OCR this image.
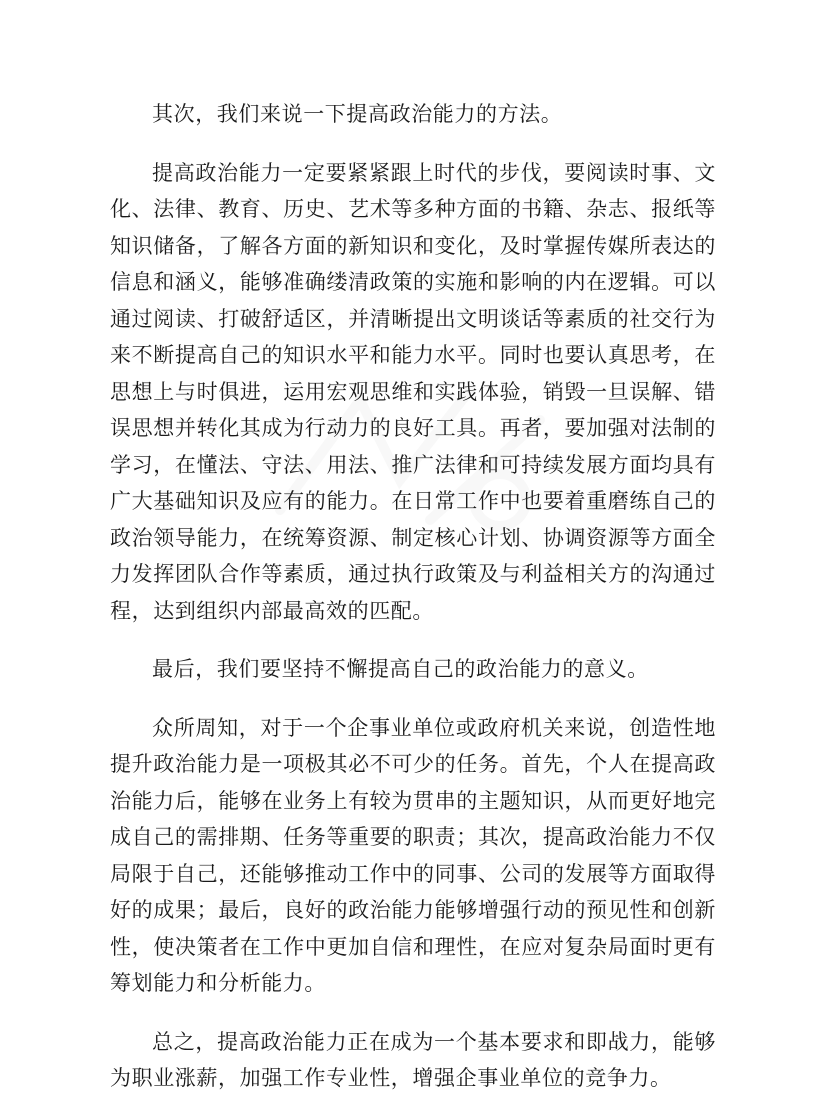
其次，我们来说一下提高政治能力的方法。

提高政治能力一定要紧紧跟上时代的步伐，要阅读时事、文化、法律、教育、历史、艺术等多种方面的书籍、杂志、报纸等知识储备，了解各方面的新知识和变化，及时掌握传媒所表达的信息和涵义，能够准确缕清政策的实施和影响的内在逻辑。可以通过阅读、打破舒适区，并清晰提出文明谈话等素质的社交行为来不断提高自己的知识水平和能力水平。同时也要认真思考，在思想上与时俱进，运用宏观思维和实践体验，销毁一旦误解、错误思想并转化其成为行动力的良好工具。再者，要加强对法制的学习，在懂法、守法、用法、推广法律和可持续发展方面均具有广大基础知识及应有的能力。在日常工作中也要着重磨练自己的政治领导能力，在统筹资源、制定核心计划、协调资源等方面全力发挥团队合作等素质，通过执行政策及与利益相关方的沟通过程，达到组织内部最高效的匹配。

最后，我们要坚持不懈提高自己的政治能力的意义。

众所周知，对于一个企事业单位或政府机关来说，创造性地提升政治能力是一项极其必不可少的任务。首先，个人在提高政治能力后，能够在业务上有较为贯串的主题知识，从而更好地完成自己的需排期、任务等重要的职责；其次，提高政治能力不仅局限于自己，还能够推动工作中的同事、公司的发展等方面取得好的成果；最后，良好的政治能力能够增强行动的预见性和创新性，使决策者在工作中更加自信和理性，在应对复杂局面时更有筹划能力和分析能力。

总之，提高政治能力正在成为一个基本要求和即战力，能够为职业涨薪，加强工作专业性，增强企事业单位的竞争力。
